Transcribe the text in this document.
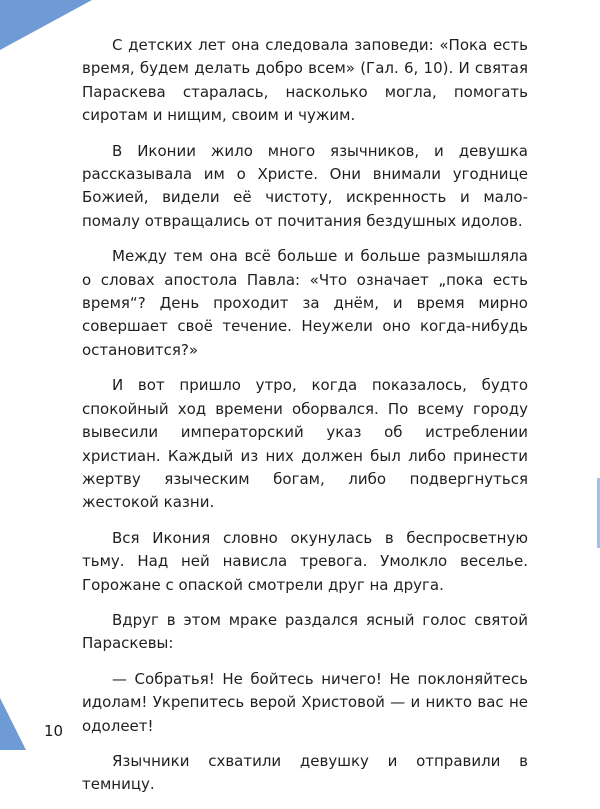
С детских лет она следовала заповеди: «Пока есть время, будем делать добро всем» (Гал. 6, 10). И святая Параскева старалась, насколько могла, помогать сиротам и нищим, своим и чужим.

В Иконии жило много язычников, и девушка рассказывала им о Христе. Они внимали угоднице Божией, видели её чистоту, искренность и мало-помалу отвращались от почитания бездушных идолов.

Между тем она всё больше и больше размышляла о словах апостола Павла: «Что означает „пока есть время“? День проходит за днём, и время мирно совершает своё течение. Неужели оно когда-нибудь остановится?»

И вот пришло утро, когда показалось, будто спокойный ход времени оборвался. По всему городу вывесили императорский указ об истреблении христиан. Каждый из них должен был либо принести жертву языческим богам, либо подвергнуться жестокой казни.

Вся Икония словно окунулась в беспросветную тьму. Над ней нависла тревога. Умолкло веселье. Горожане с опаской смотрели друг на друга.

Вдруг в этом мраке раздался ясный голос святой Параскевы:

— Собратья! Не бойтесь ничего! Не поклоняйтесь идолам! Укрепитесь верой Христовой — и никто вас не одолеет!

Язычники схватили девушку и отправили в темницу.

10
